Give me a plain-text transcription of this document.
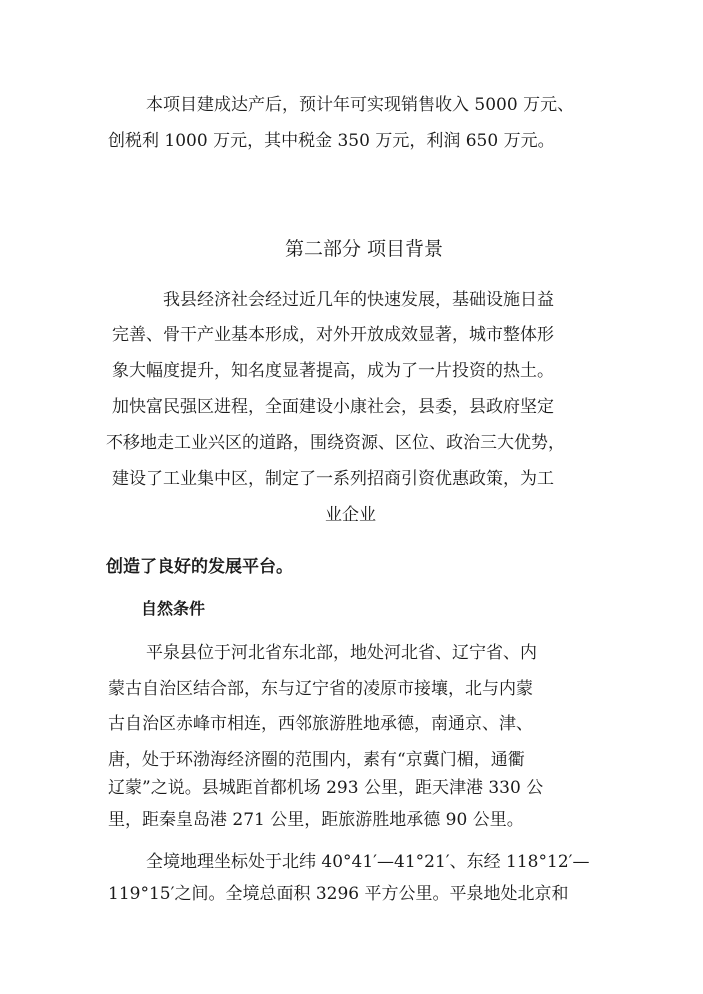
本项目建成达产后，预计年可实现销售收入 5000 万元、
创税利 1000 万元，其中税金 350 万元，利润 650 万元。
第二部分 项目背景
我县经济社会经过近几年的快速发展，基础设施日益
完善、骨干产业基本形成，对外开放成效显著，城市整体形
象大幅度提升，知名度显著提高，成为了一片投资的热土。
加快富民强区进程，全面建设小康社会，县委，县政府坚定
不移地走工业兴区的道路，围绕资源、区位、政治三大优势，
建设了工业集中区，制定了一系列招商引资优惠政策，为工
业企业
创造了良好的发展平台。
自然条件
平泉县位于河北省东北部，地处河北省、辽宁省、内
蒙古自治区结合部，东与辽宁省的凌原市接壤，北与内蒙
古自治区赤峰市相连，西邻旅游胜地承德，南通京、津、
唐，处于环渤海经济圈的范围内，素有“京冀门楣，通衢
辽蒙”之说。县城距首都机场 293 公里，距天津港 330 公
里，距秦皇岛港 271 公里，距旅游胜地承德 90 公里。
全境地理坐标处于北纬 40°41′—41°21′、东经 118°12′—
119°15′之间。全境总面积 3296 平方公里。平泉地处北京和
